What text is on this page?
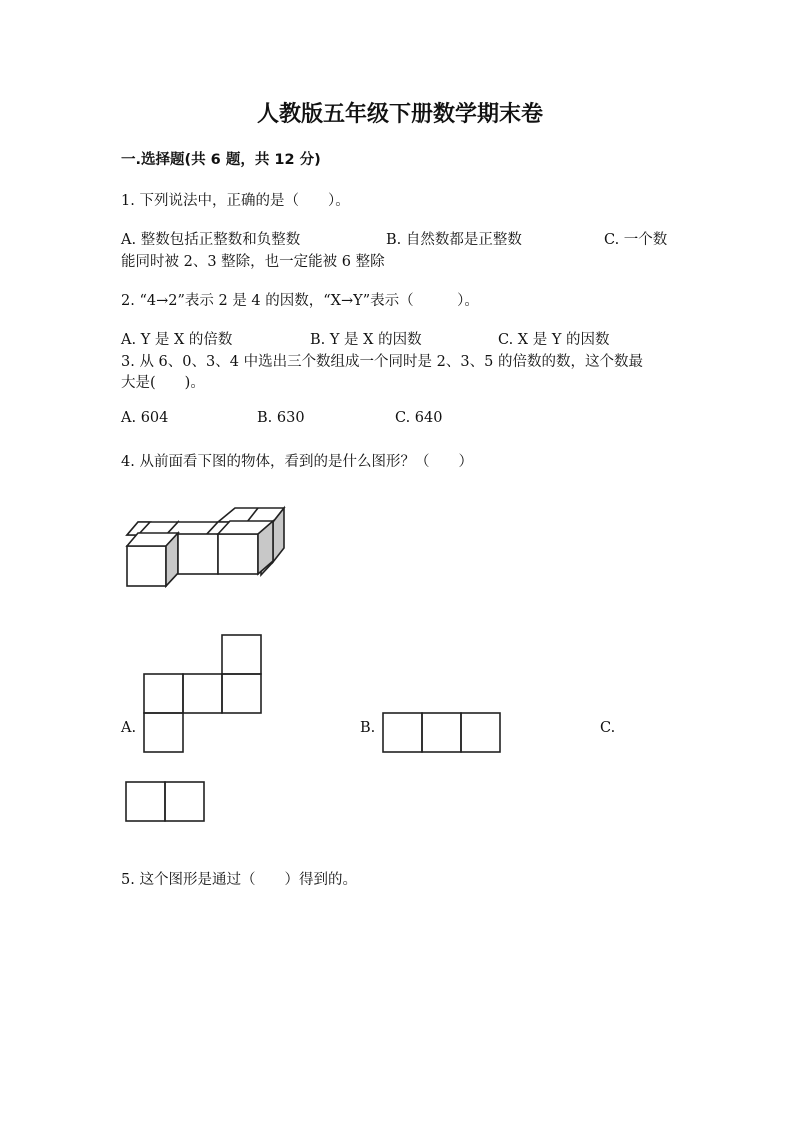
人教版五年级下册数学期末卷
一.选择题(共 6 题，共 12 分)
1. 下列说法中，正确的是（　　）。
A. 整数包括正整数和负整数	B. 自然数都是正整数	C. 一个数
能同时被 2、3 整除，也一定能被 6 整除
2. “4→2”表示 2 是 4 的因数，“X→Y”表示（　　　）。
A. Y 是 X 的倍数	B. Y 是 X 的因数	C. X 是 Y 的因数
3. 从 6、0、3、4 中选出三个数组成一个同时是 2、3、5 的倍数的数，这个数最
大是(　　)。
A. 604	B. 630	C. 640
4. 从前面看下图的物体，看到的是什么图形？（　　）
A.	B.	C.
5. 这个图形是通过（　　）得到的。
